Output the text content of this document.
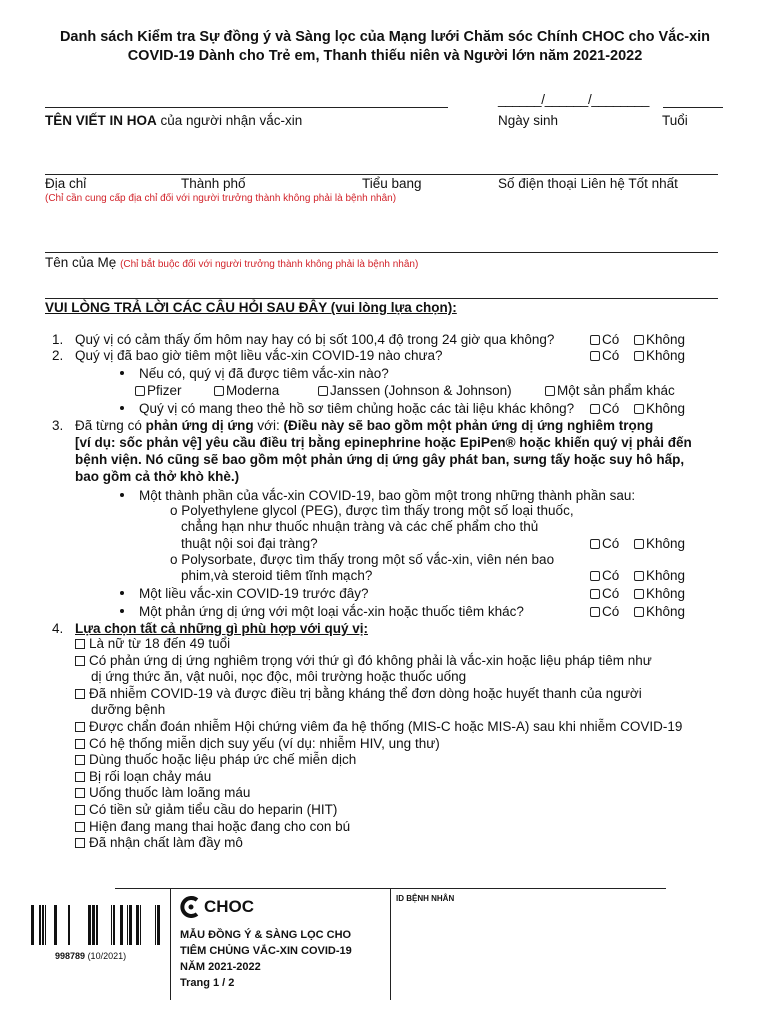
Danh sách Kiểm tra Sự đồng ý và Sàng lọc của Mạng lưới Chăm sóc Chính CHOC cho Vắc-xin
COVID-19 Dành cho Trẻ em, Thanh thiếu niên và Người lớn năm 2021-2022
TÊN VIẾT IN HOA của người nhận vắc-xin
______/______/________
Ngày sinh	Tuổi
Địa chỉ	Thành phố	Tiểu bang	Số điện thoại Liên hệ Tốt nhất
(Chỉ cần cung cấp địa chỉ đối với người trưởng thành không phải là bệnh nhân)
Tên của Mẹ (Chỉ bắt buộc đối với người trưởng thành không phải là bệnh nhân)
VUI LÒNG TRẢ LỜI CÁC CÂU HỎI SAU ĐÂY (vui lòng lựa chọn):
1. Quý vị có cảm thấy ốm hôm nay hay có bị sốt 100,4 độ trong 24 giờ qua không?	Có	Không
2. Quý vị đã bao giờ tiêm một liều vắc-xin COVID-19 nào chưa?	Có	Không
Nếu có, quý vị đã được tiêm vắc-xin nào?
Pfizer	Moderna	Janssen (Johnson & Johnson)	Một sản phẩm khác
Quý vị có mang theo thẻ hồ sơ tiêm chủng hoặc các tài liệu khác không?	Có	Không
3. Đã từng có phản ứng dị ứng với: (Điều này sẽ bao gồm một phản ứng dị ứng nghiêm trọng
[ví dụ: sốc phản vệ] yêu cầu điều trị bằng epinephrine hoặc EpiPen® hoặc khiến quý vị phải đến
bệnh viện. Nó cũng sẽ bao gồm một phản ứng dị ứng gây phát ban, sưng tấy hoặc suy hô hấp,
bao gồm cả thở khò khè.)
Một thành phần của vắc-xin COVID-19, bao gồm một trong những thành phần sau:
o Polyethylene glycol (PEG), được tìm thấy trong một số loại thuốc,
chẳng hạn như thuốc nhuận tràng và các chế phẩm cho thủ
thuật nội soi đại tràng?	Có	Không
o Polysorbate, được tìm thấy trong một số vắc-xin, viên nén bao
phim,và steroid tiêm tĩnh mạch?	Có	Không
Một liều vắc-xin COVID-19 trước đây?	Có	Không
Một phản ứng dị ứng với một loại vắc-xin hoặc thuốc tiêm khác?	Có	Không
4. Lựa chọn tất cả những gì phù hợp với quý vị:
Là nữ từ 18 đến 49 tuổi
Có phản ứng dị ứng nghiêm trọng với thứ gì đó không phải là vắc-xin hoặc liệu pháp tiêm như
dị ứng thức ăn, vật nuôi, nọc độc, môi trường hoặc thuốc uống
Đã nhiễm COVID-19 và được điều trị bằng kháng thể đơn dòng hoặc huyết thanh của người
dưỡng bệnh
Được chẩn đoán nhiễm Hội chứng viêm đa hệ thống (MIS-C hoặc MIS-A) sau khi nhiễm COVID-19
Có hệ thống miễn dịch suy yếu (ví dụ: nhiễm HIV, ung thư)
Dùng thuốc hoặc liệu pháp ức chế miễn dịch
Bị rối loạn chảy máu
Uống thuốc làm loãng máu
Có tiền sử giảm tiểu cầu do heparin (HIT)
Hiện đang mang thai hoặc đang cho con bú
Đã nhận chất làm đầy mô
ID BỆNH NHÂN
998789 (10/2021)
CHOC
MẪU ĐỒNG Ý & SÀNG LỌC CHO
TIÊM CHỦNG VẮC-XIN COVID-19
NĂM 2021-2022
Trang 1 / 2
